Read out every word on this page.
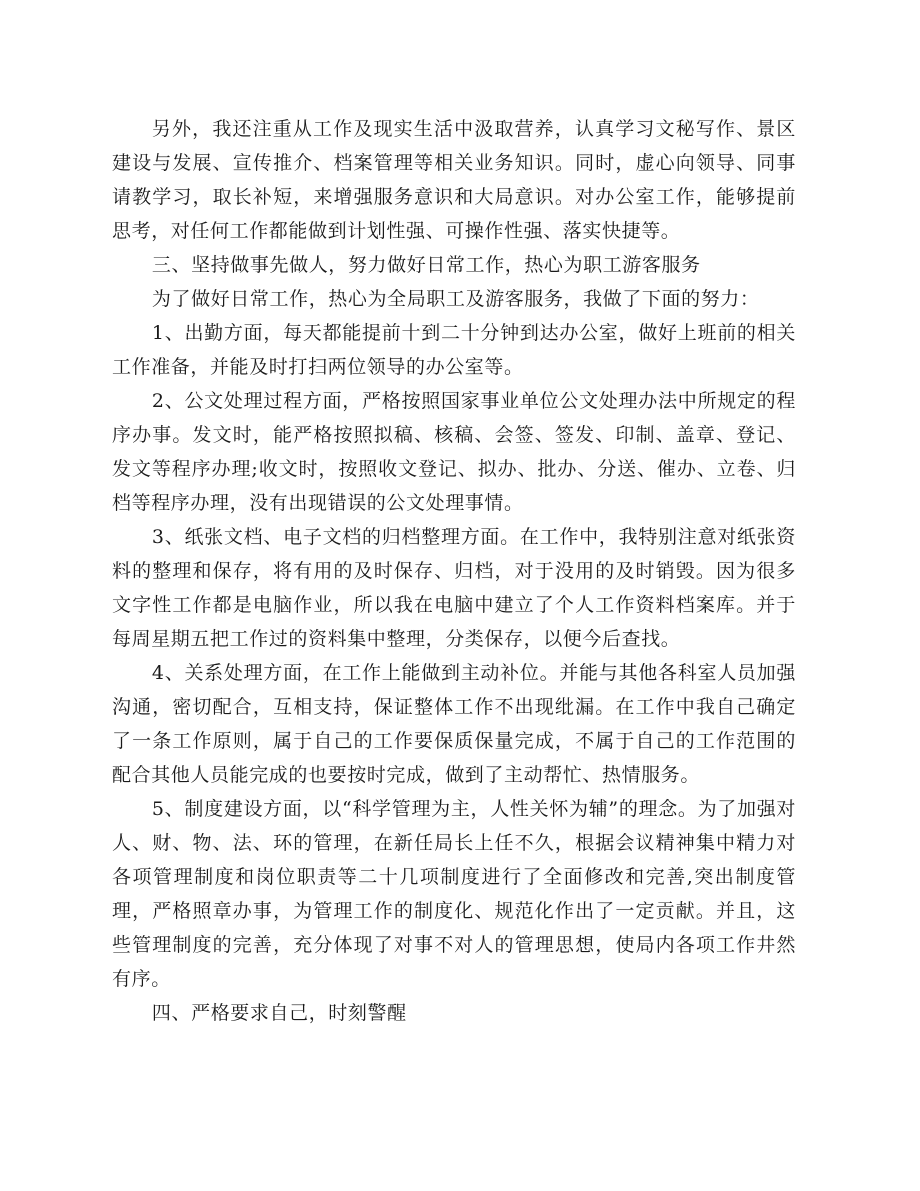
另外，我还注重从工作及现实生活中汲取营养，认真学习文秘写作、景区建设与发展、宣传推介、档案管理等相关业务知识。同时，虚心向领导、同事请教学习，取长补短，来增强服务意识和大局意识。对办公室工作，能够提前思考，对任何工作都能做到计划性强、可操作性强、落实快捷等。

三、坚持做事先做人，努力做好日常工作，热心为职工游客服务

为了做好日常工作，热心为全局职工及游客服务，我做了下面的努力：

1、出勤方面，每天都能提前十到二十分钟到达办公室，做好上班前的相关工作准备，并能及时打扫两位领导的办公室等。

2、公文处理过程方面，严格按照国家事业单位公文处理办法中所规定的程序办事。发文时，能严格按照拟稿、核稿、会签、签发、印制、盖章、登记、发文等程序办理;收文时，按照收文登记、拟办、批办、分送、催办、立卷、归档等程序办理，没有出现错误的公文处理事情。

3、纸张文档、电子文档的归档整理方面。在工作中，我特别注意对纸张资料的整理和保存，将有用的及时保存、归档，对于没用的及时销毁。因为很多文字性工作都是电脑作业，所以我在电脑中建立了个人工作资料档案库。并于每周星期五把工作过的资料集中整理，分类保存，以便今后查找。

4、关系处理方面，在工作上能做到主动补位。并能与其他各科室人员加强沟通，密切配合，互相支持，保证整体工作不出现纰漏。在工作中我自己确定了一条工作原则，属于自己的工作要保质保量完成，不属于自己的工作范围的配合其他人员能完成的也要按时完成，做到了主动帮忙、热情服务。

5、制度建设方面，以“科学管理为主，人性关怀为辅”的理念。为了加强对人、财、物、法、环的管理，在新任局长上任不久，根据会议精神集中精力对各项管理制度和岗位职责等二十几项制度进行了全面修改和完善,突出制度管理，严格照章办事，为管理工作的制度化、规范化作出了一定贡献。并且，这些管理制度的完善，充分体现了对事不对人的管理思想，使局内各项工作井然有序。

四、严格要求自己，时刻警醒
